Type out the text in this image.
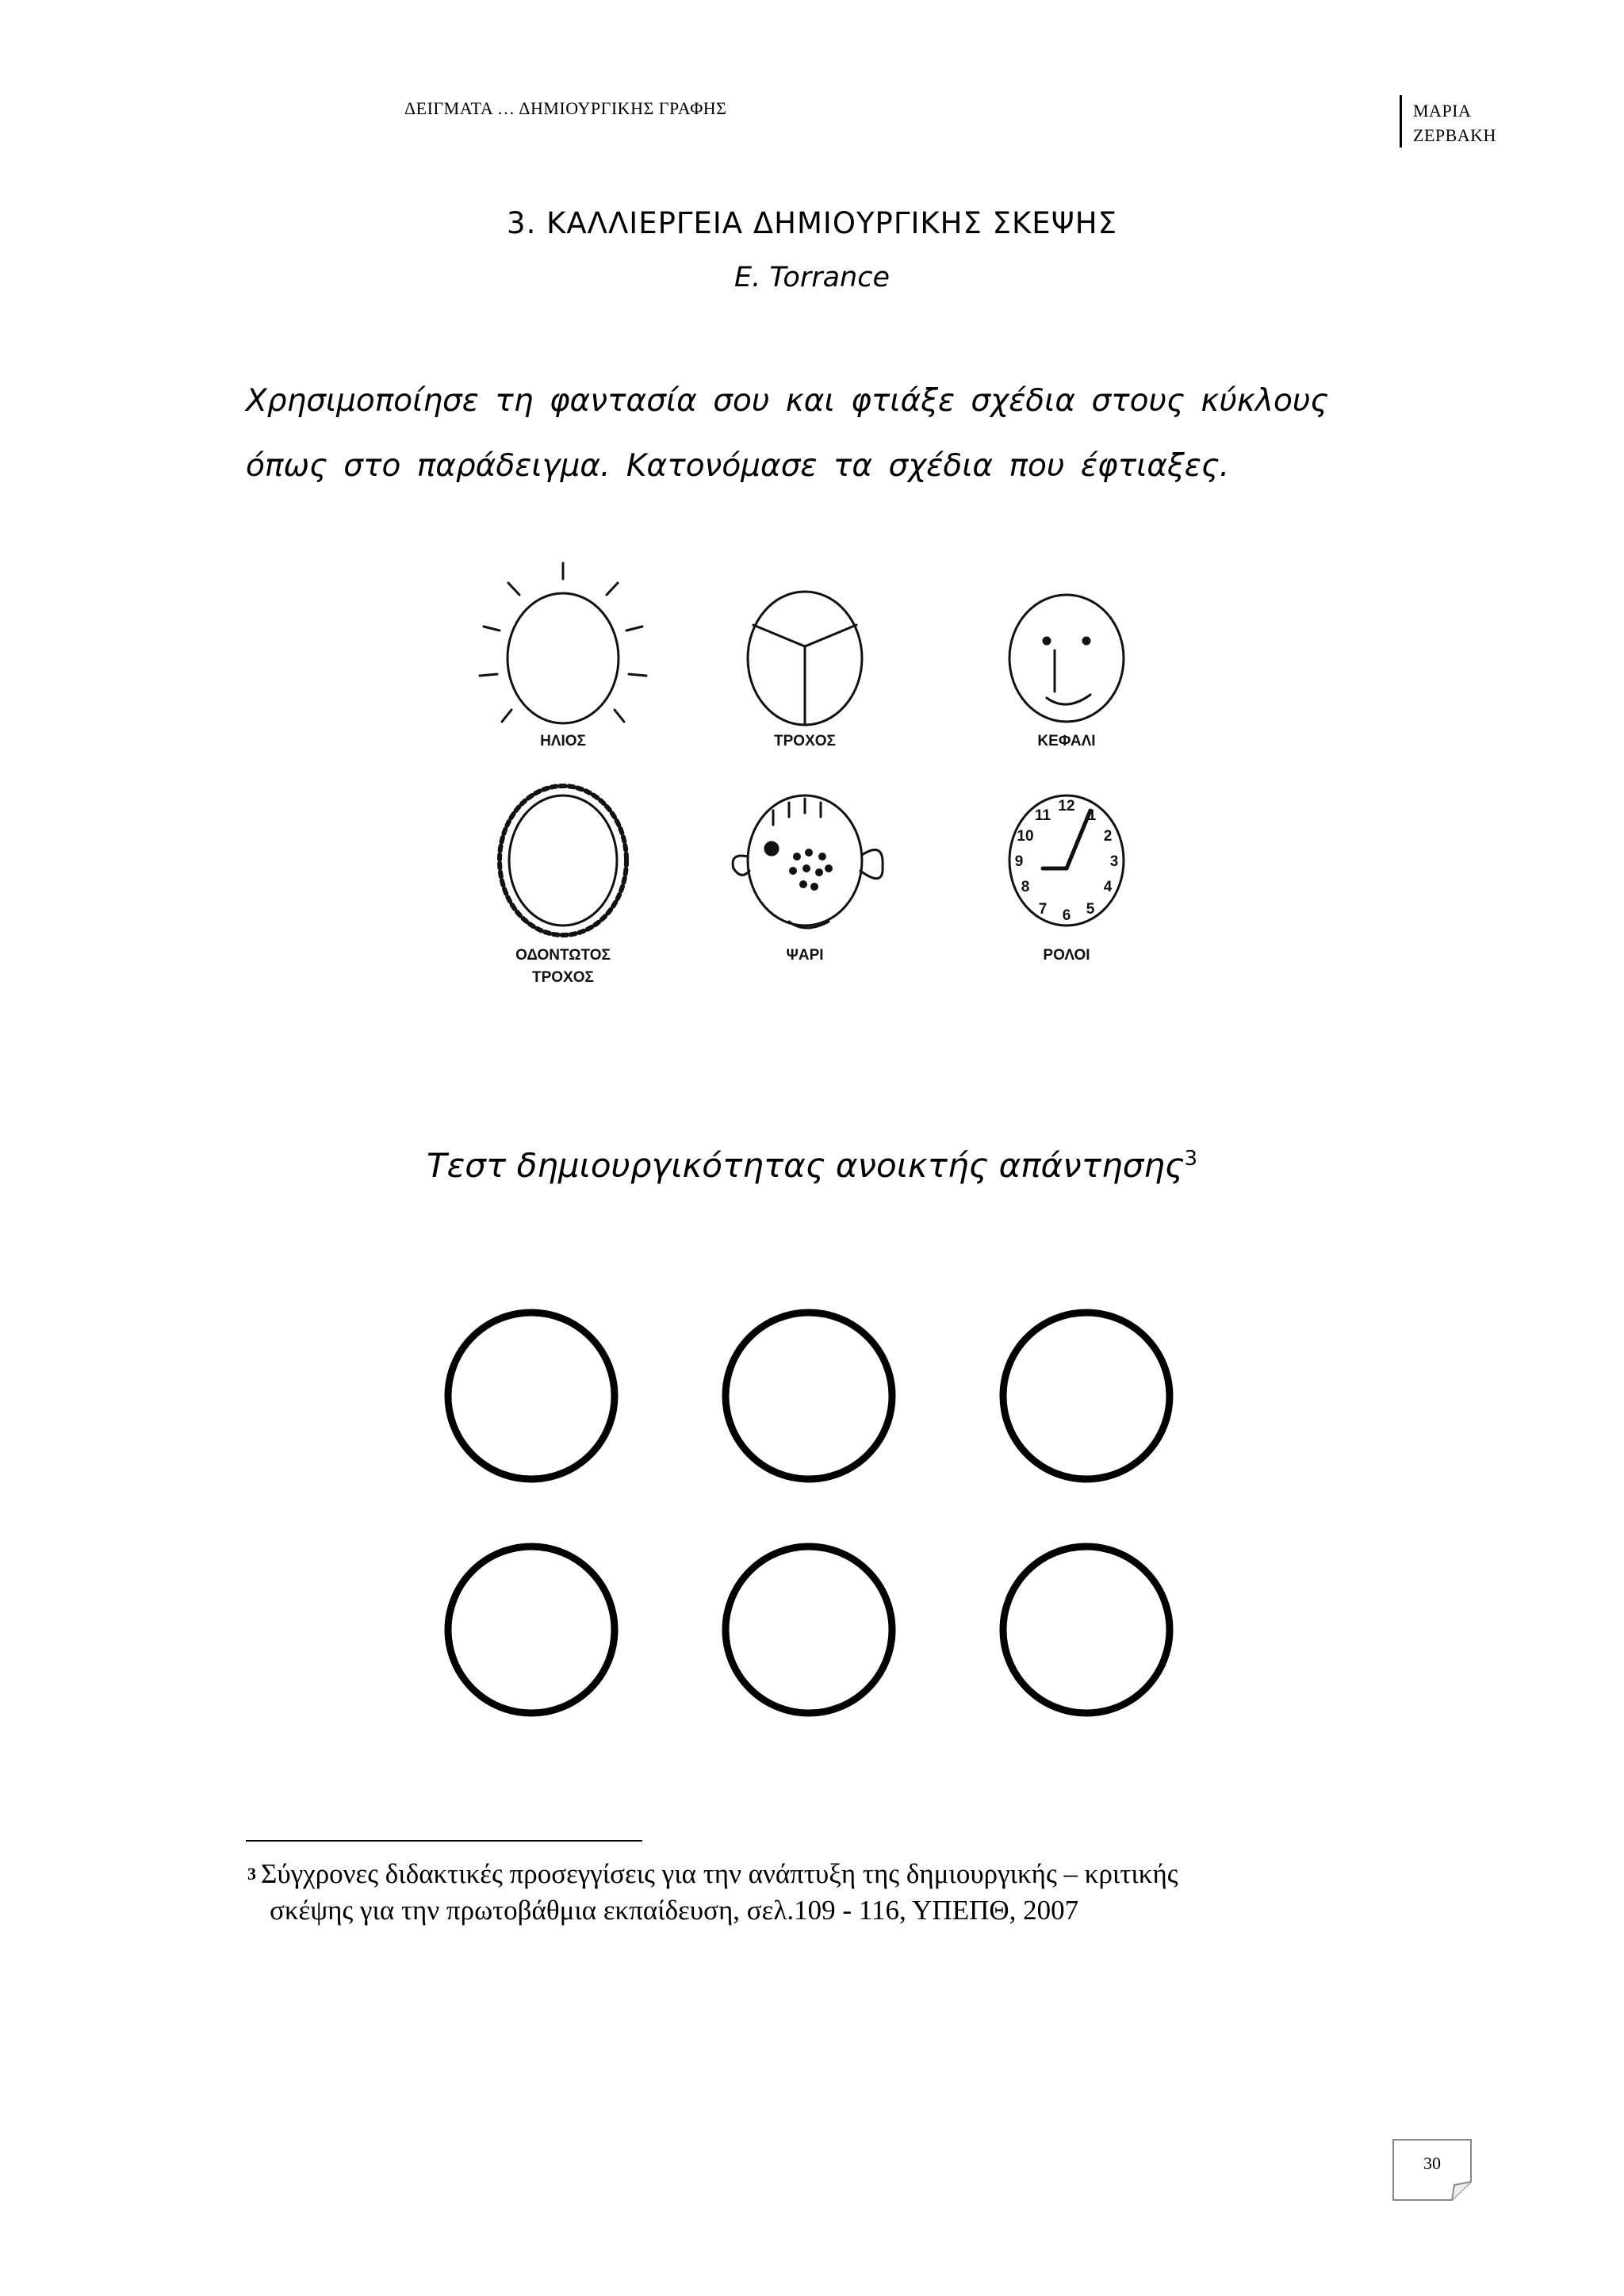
ΔΕΙΓΜΑΤΑ … ΔΗΜΙΟΥΡΓΙΚΗΣ ΓΡΑΦΗΣ	ΜΑΡΙΑ
ΖΕΡΒΑΚΗ
3. ΚΑΛΛΙΕΡΓΕΙΑ ΔΗΜΙΟΥΡΓΙΚΗΣ ΣΚΕΨΗΣ
E. Torrance
Χρησιμοποίησε τη φαντασία σου και φτιάξε σχέδια στους κύκλους όπως στο παράδειγμα. Κατονόμασε τα σχέδια που έφτιαξες.
12
1
2
3
4
5
6
7
8
9
10
11
ΗΛΙΟΣ	ΤΡΟΧΟΣ	ΚΕΦΑΛΙ
ΟΔΟΝΤΩΤΟΣ
ΤΡΟΧΟΣ
ΨΑΡΙ	ΡΟΛΟΙ
Τεστ δημιουργικότητας ανοικτής απάντησης$^3$
$^3$ Σύγχρονες διδακτικές προσεγγίσεις για την ανάπτυξη της δημιουργικής – κριτικής
σκέψης για την πρωτοβάθμια εκπαίδευση, σελ.109 - 116, ΥΠΕΠΘ, 2007
30
